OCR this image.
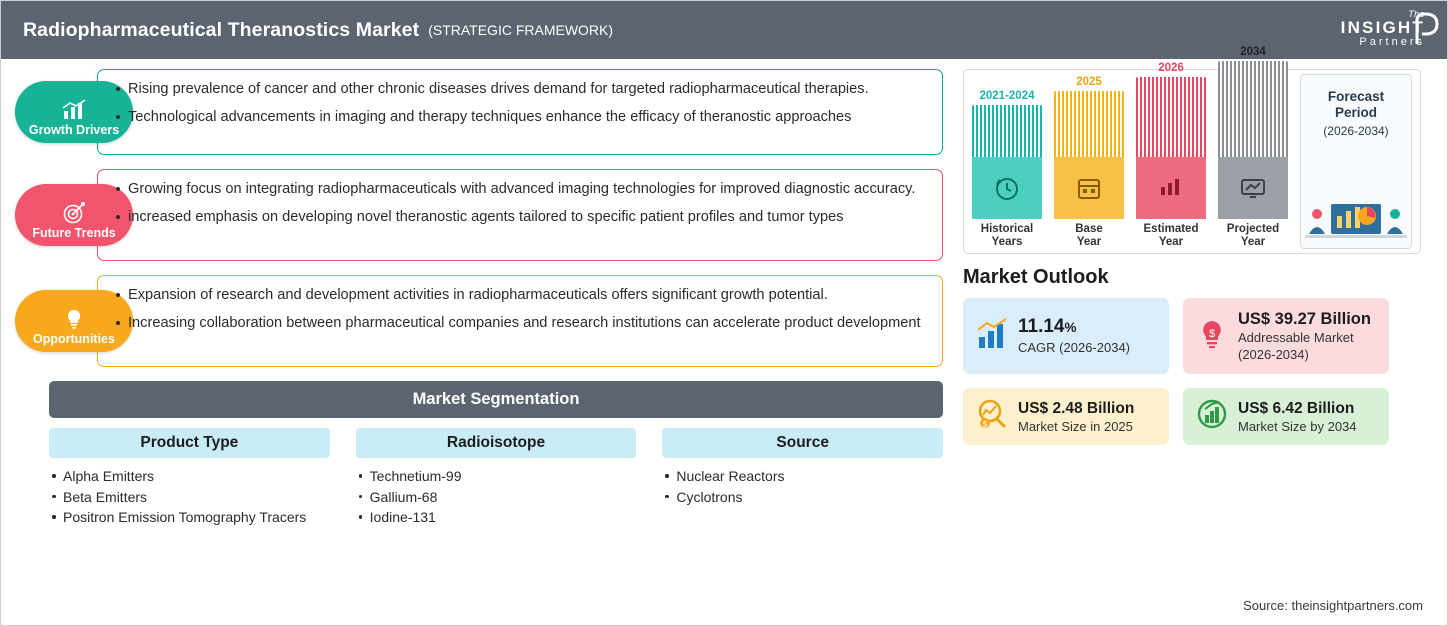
Radiopharmaceutical Theranostics Market (STRATEGIC FRAMEWORK)
The
INSIGHT
Partners
Growth Drivers
Rising prevalence of cancer and other chronic diseases drives demand for targeted radiopharmaceutical therapies.
Technological advancements in imaging and therapy techniques enhance the efficacy of theranostic approaches
Future Trends
Growing focus on integrating radiopharmaceuticals with advanced imaging technologies for improved diagnostic accuracy.
increased emphasis on developing novel theranostic agents tailored to specific patient profiles and tumor types
Opportunities
Expansion of research and development activities in radiopharmaceuticals offers significant growth potential.
Increasing collaboration between pharmaceutical companies and research institutions can accelerate product development
Market Segmentation
Product Type
Alpha Emitters
Beta Emitters
Positron Emission Tomography Tracers
Radioisotope
Technetium-99
Gallium-68
Iodine-131
Source
Nuclear Reactors
Cyclotrons
2021-2024
Historical
Years
2025
Base
Year
2026
Estimated
Year
2034
Projected
Year
Forecast
Period
(2026-2034)
Market Outlook
11.14%
CAGR (2026-2034)
$
US$ 39.27 Billion
Addressable Market (2026-2034)
$
US$ 2.48 Billion
Market Size in 2025
US$ 6.42 Billion
Market Size by 2034
Source: theinsightpartners.com
